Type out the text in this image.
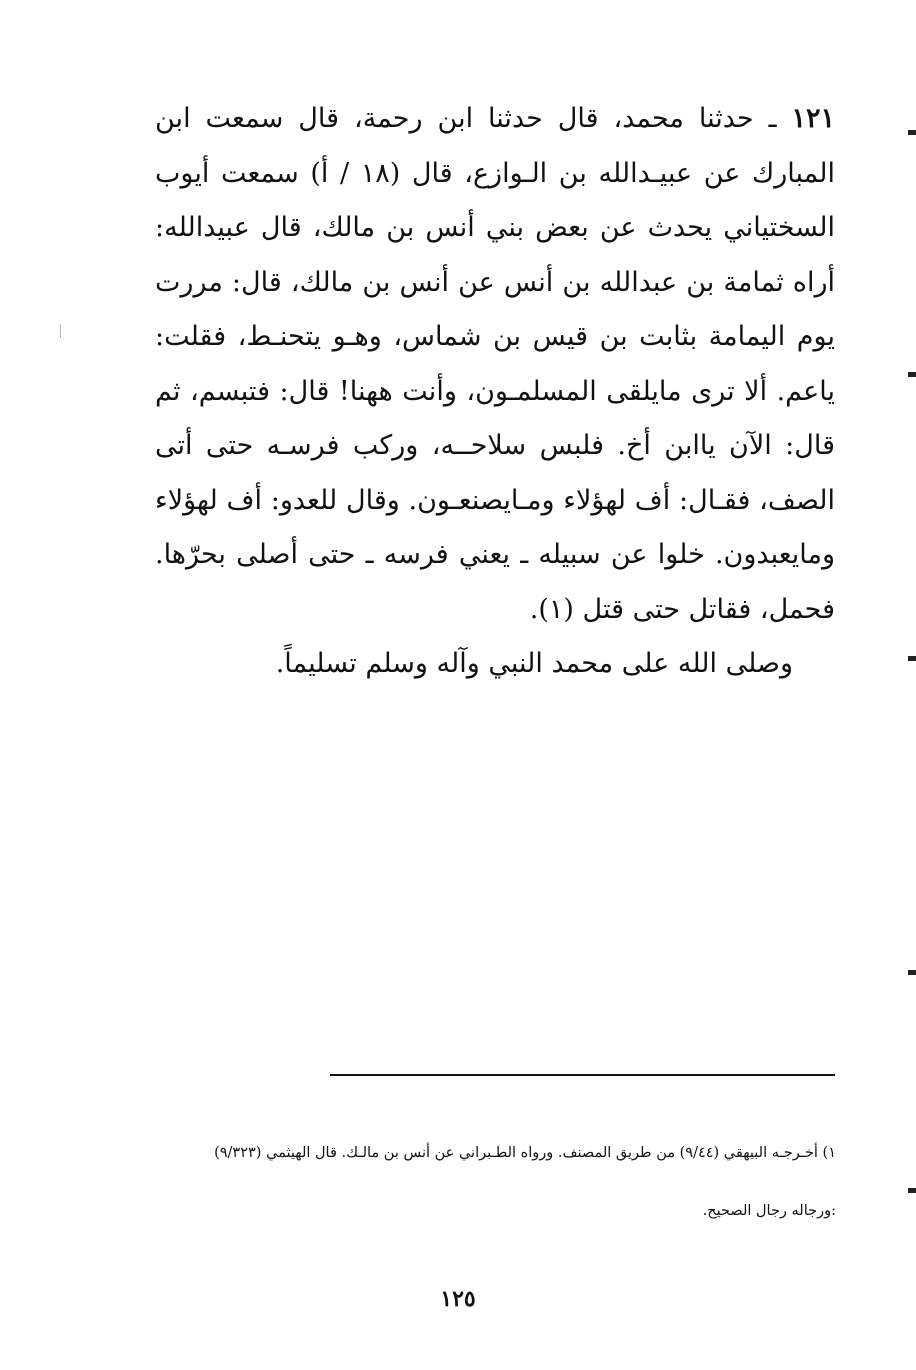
١٢١ ـ حدثنا محمد، قال حدثنا ابن رحمة، قال سمعت ابن المبارك عن عبيـدالله بن الـوازع، قال (١٨ / أ) سمعت أيوب السختياني يحدث عن بعض بني أنس بن مالك، قال عبيدالله: أراه ثمامة بن عبدالله بن أنس عن أنس بن مالك، قال: مررت يوم اليمامة بثابت بن قيس بن شماس، وهـو يتحنـط، فقلت: ياعم. ألا ترى مايلقى المسلمـون، وأنت ههنا! قال: فتبسم، ثم قال: الآن ياابن أخ. فلبس سلاحــه، وركب فرسـه حتى أتى الصف، فقـال: أف لهؤلاء ومـايصنعـون. وقال للعدو: أف لهؤلاء ومايعبدون. خلوا عن سبيله ـ يعني فرسه ـ حتى أصلى بحرّها. فحمل، فقاتل حتى قتل (١).

وصلى الله على محمد النبي وآله وسلم تسليماً.

١) أخـرجـه البيهقي (٩/٤٤) من طريق المصنف. ورواه الطـبراني عن أنس بن مالـك. قال الهيثمي (٩/٣٢٣)

:ورجاله رجال الصحيح.

١٢٥
